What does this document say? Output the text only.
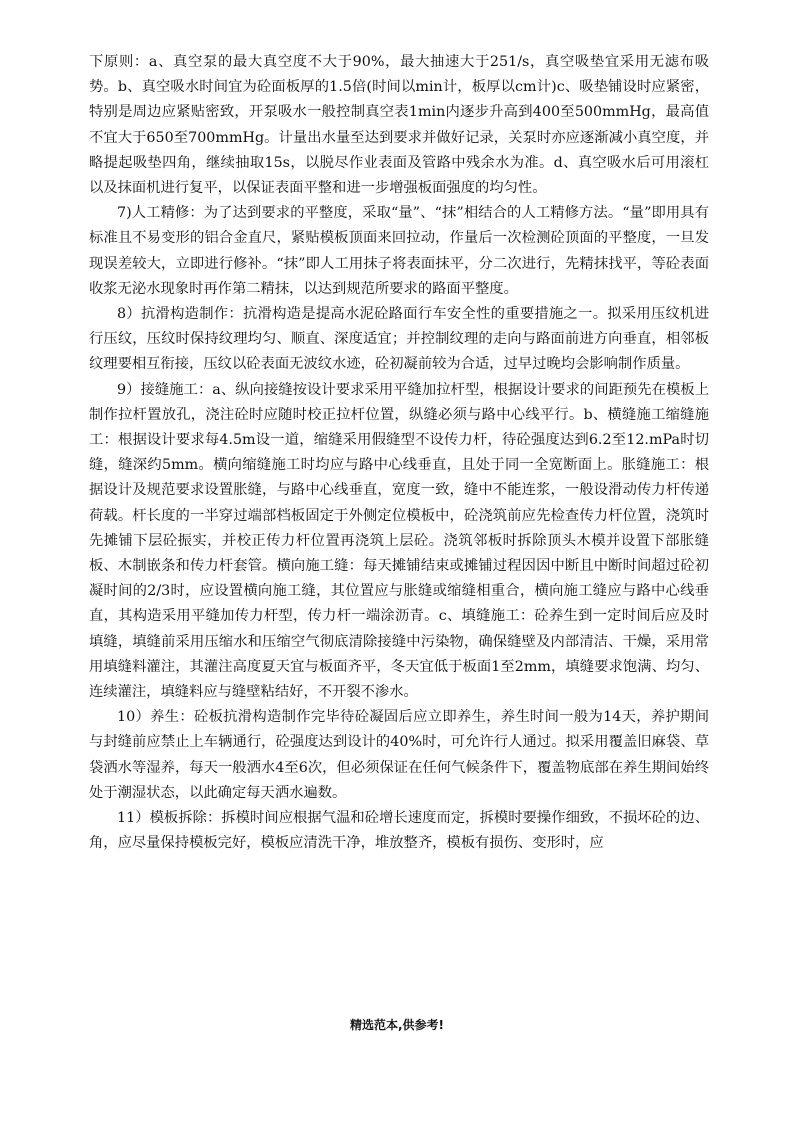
下原则：a、真空泵的最大真空度不大于90%，最大抽速大于251/s，真空吸垫宜采用无滤布吸势。b、真空吸水时间宜为砼面板厚的1.5倍(时间以min计，板厚以cm计)c、吸垫铺设时应紧密，特别是周边应紧贴密致，开泵吸水一般控制真空表1min内逐步升高到400至500mmHg，最高值不宜大于650至700mmHg。计量出水量至达到要求并做好记录，关泵时亦应逐渐减小真空度，并略提起吸垫四角，继续抽取15s，以脱尽作业表面及管路中残余水为准。d、真空吸水后可用滚杠以及抹面机进行复平，以保证表面平整和进一步增强板面强度的均匀性。

7)人工精修：为了达到要求的平整度，采取“量”、“抹”相结合的人工精修方法。“量”即用具有标准且不易变形的铝合金直尺，紧贴模板顶面来回拉动，作量后一次检测砼顶面的平整度，一旦发现误差较大，立即进行修补。“抹”即人工用抹子将表面抹平，分二次进行，先精抹找平，等砼表面收浆无泌水现象时再作第二精抹，以达到规范所要求的路面平整度。

8）抗滑构造制作：抗滑构造是提高水泥砼路面行车安全性的重要措施之一。拟采用压纹机进行压纹，压纹时保持纹理均匀、顺直、深度适宜；并控制纹理的走向与路面前进方向垂直，相邻板纹理要相互衔接，压纹以砼表面无波纹水迹，砼初凝前较为合适，过早过晚均会影响制作质量。

9）接缝施工：a、纵向接缝按设计要求采用平缝加拉杆型，根据设计要求的间距预先在模板上制作拉杆置放孔，浇注砼时应随时校正拉杆位置，纵缝必须与路中心线平行。b、横缝施工缩缝施工：根据设计要求每4.5m设一道，缩缝采用假缝型不设传力杆，待砼强度达到6.2至12.mPa时切缝，缝深约5mm。横向缩缝施工时均应与路中心线垂直，且处于同一全宽断面上。胀缝施工：根据设计及规范要求设置胀缝，与路中心线垂直，宽度一致，缝中不能连浆，一般设滑动传力杆传递荷载。杆长度的一半穿过端部档板固定于外侧定位模板中，砼浇筑前应先检查传力杆位置，浇筑时先摊铺下层砼振实，并校正传力杆位置再浇筑上层砼。浇筑邻板时拆除顶头木模并设置下部胀缝板、木制嵌条和传力杆套管。横向施工缝：每天摊铺结束或摊铺过程因因中断且中断时间超过砼初凝时间的2/3时，应设置横向施工缝，其位置应与胀缝或缩缝相重合，横向施工缝应与路中心线垂直，其构造采用平缝加传力杆型，传力杆一端涂沥青。c、填缝施工：砼养生到一定时间后应及时填缝，填缝前采用压缩水和压缩空气彻底清除接缝中污染物，确保缝壁及内部清洁、干燥，采用常用填缝料灌注，其灌注高度夏天宜与板面齐平，冬天宜低于板面1至2mm，填缝要求饱满、均匀、连续灌注，填缝料应与缝壁粘结好，不开裂不渗水。

10）养生：砼板抗滑构造制作完毕待砼凝固后应立即养生，养生时间一般为14天，养护期间与封缝前应禁止上车辆通行，砼强度达到设计的40%时，可允许行人通过。拟采用覆盖旧麻袋、草袋洒水等湿养，每天一般洒水4至6次，但必须保证在任何气候条件下，覆盖物底部在养生期间始终处于潮湿状态，以此确定每天洒水遍数。

11）模板拆除：拆模时间应根据气温和砼增长速度而定，拆模时要操作细致，不损坏砼的边、角，应尽量保持模板完好，模板应清洗干净，堆放整齐，模板有损伤、变形时，应

精选范本,供参考!
